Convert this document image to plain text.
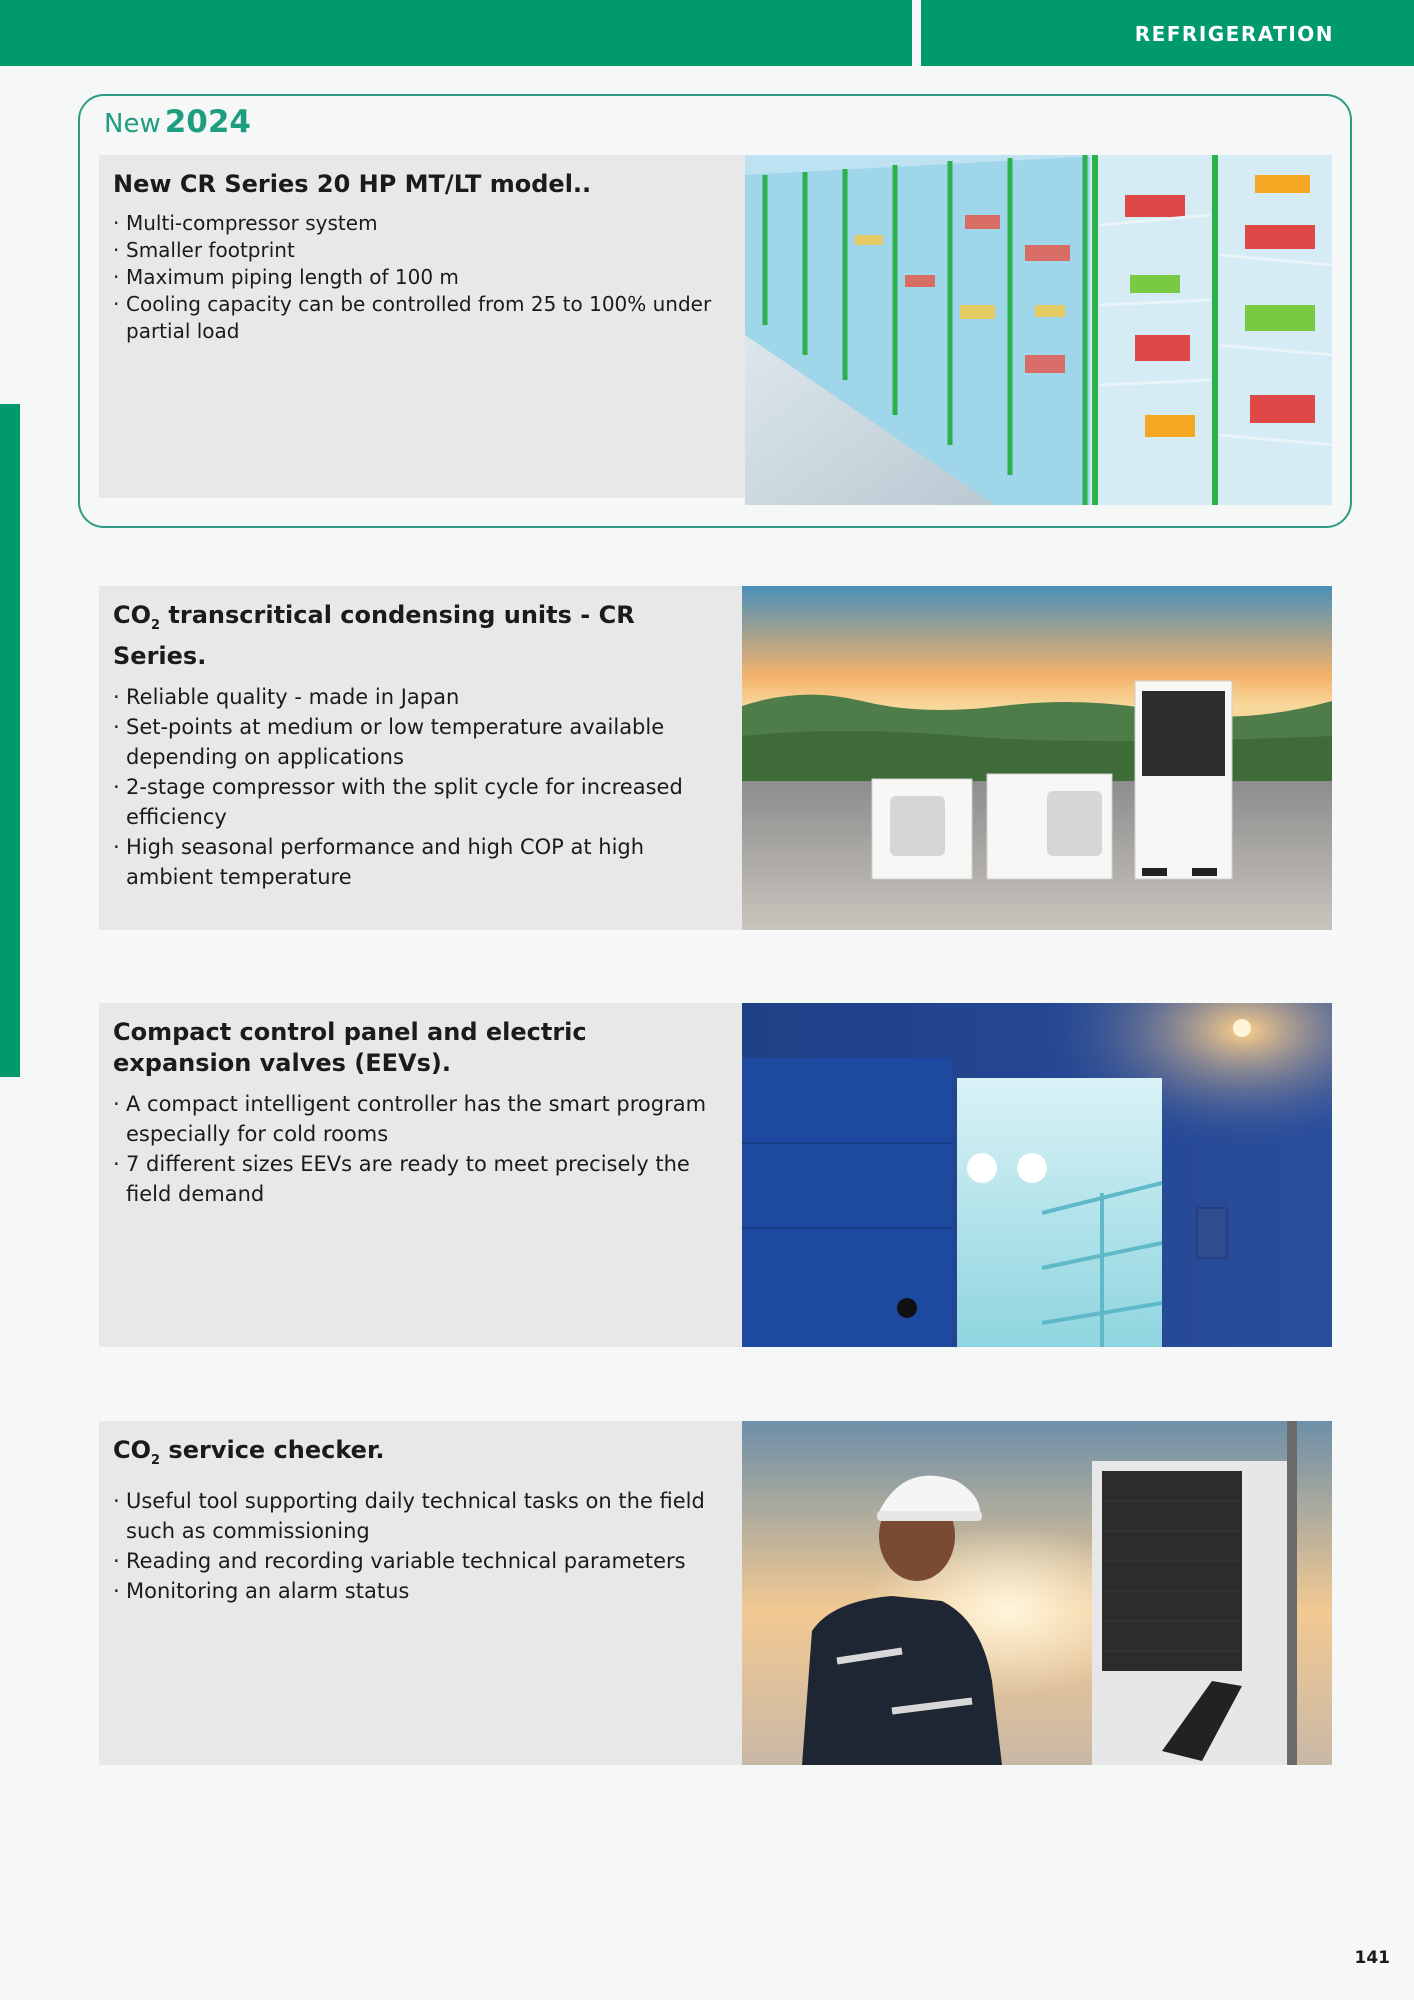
REFRIGERATION
New 2024
New CR Series 20 HP MT/LT model..
· Multi-compressor system
· Smaller footprint
· Maximum piping length of 100 m
· Cooling capacity can be controlled from 25 to 100% under partial load
$CO_2$ transcritical condensing units - CR Series.
· Reliable quality - made in Japan
· Set-points at medium or low temperature available depending on applications
· 2-stage compressor with the split cycle for increased efficiency
· High seasonal performance and high COP at high ambient temperature
Compact control panel and electric expansion valves (EEVs).
· A compact intelligent controller has the smart program especially for cold rooms
· 7 different sizes EEVs are ready to meet precisely the field demand
$CO_2$ service checker.
· Useful tool supporting daily technical tasks on the field such as commissioning
· Reading and recording variable technical parameters
· Monitoring an alarm status
141
